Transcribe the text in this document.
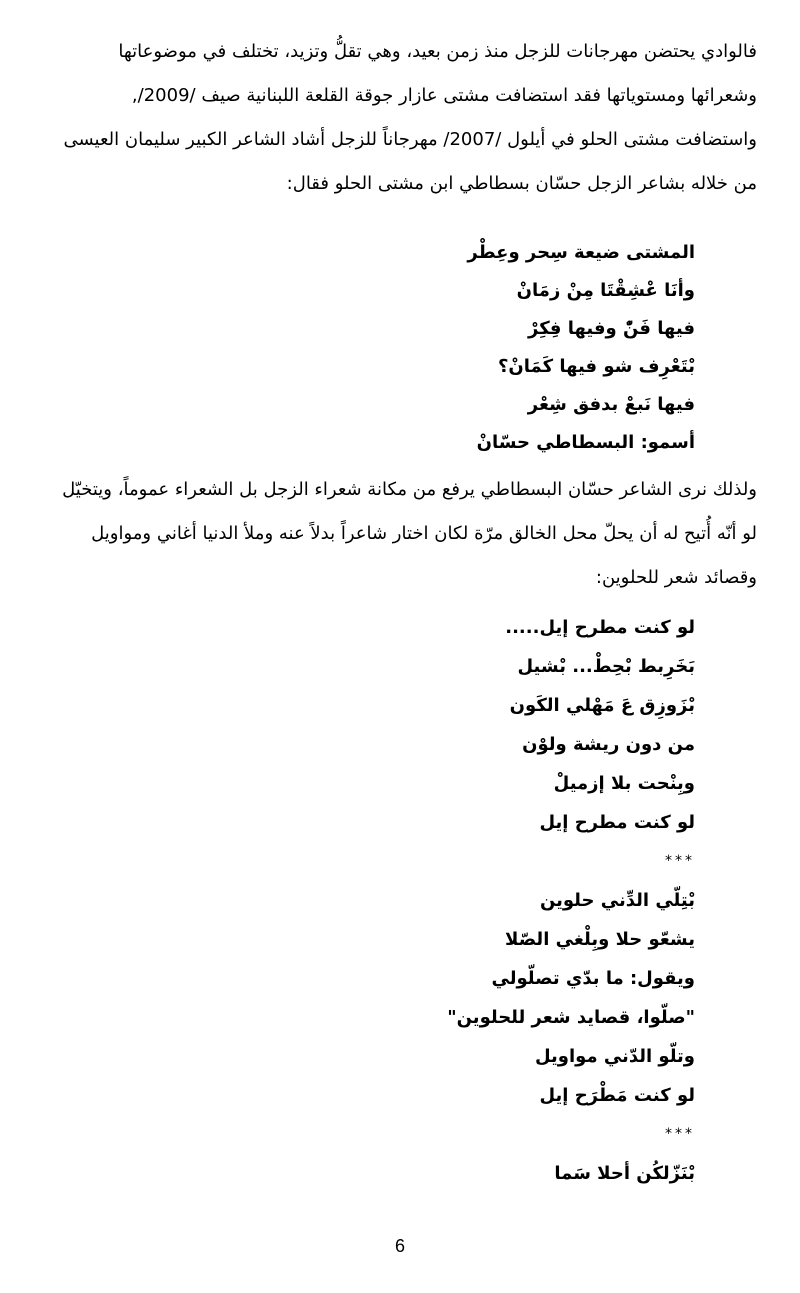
فالوادي يحتضن مهرجانات للزجل منذ زمن بعيد، وهي تقلُّ وتزيد، تختلف في موضوعاتها
وشعرائها ومستوياتها فقد استضافت مشتى عازار جوقة القلعة اللبنانية صيف /2009/,
واستضافت مشتى الحلو في أيلول /2007/ مهرجاناً للزجل أشاد الشاعر الكبير سليمان العيسى
من خلاله بشاعر الزجل حسّان بسطاطي ابن مشتى الحلو فقال:

المشتى ضيعة سِحر وعِطْر
وأنَا عْشِقْتَا مِنْ زمَانْ
فيها فَنّْ وفيها فِكِرْ
بْتَعْرِف شو فيها كَمَانْ؟
فيها نَبعْ بدفق شِعْر
أسمو: البسطاطي حسّانْ

ولذلك نرى الشاعر حسّان البسطاطي يرفع من مكانة شعراء الزجل بل الشعراء عموماً، ويتخيّل
لو أنّه أُتيح له أن يحلّ محل الخالق مرّة لكان اختار شاعراً بدلاً عنه وملأ الدنيا أغاني ومواويل
وقصائد شعر للحلوين:

لو كنت مطرح إيل.....
بَخَرِبط بْحِطْ... بْشيل
بْزَوزِق عَ مَهْلي الكَون
من دون ريشة ولوْن
وبِنْحت بلا إزميلْ
لو كنت مطرح إيل
***
بْتِلّي الدِّني حلوين
يشعّو حلا وبِلْغي الصّلا
ويقول: ما بدّي تصلّولي
"صلّوا، قصايد شعر للحلوين"
وتلّو الدّني مواويل
لو كنت مَطْرَح إيل
***
بْنَزّلكُن أحلا سَما
6
